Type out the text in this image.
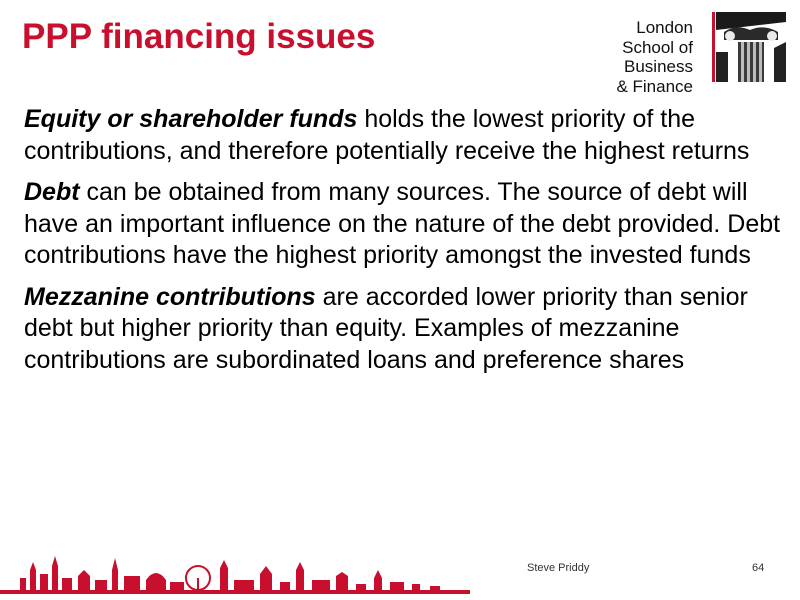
PPP financing issues	London
School of Business
& Finance

Equity or shareholder funds holds the lowest priority of the contributions, and therefore potentially receive the highest returns

Debt can be obtained from many sources. The source of debt will have an important influence on the nature of the debt provided. Debt contributions have the highest priority amongst the invested funds

Mezzanine contributions are accorded lower priority than senior debt but higher priority than equity. Examples of mezzanine contributions are subordinated loans and preference shares

Steve Priddy	64
